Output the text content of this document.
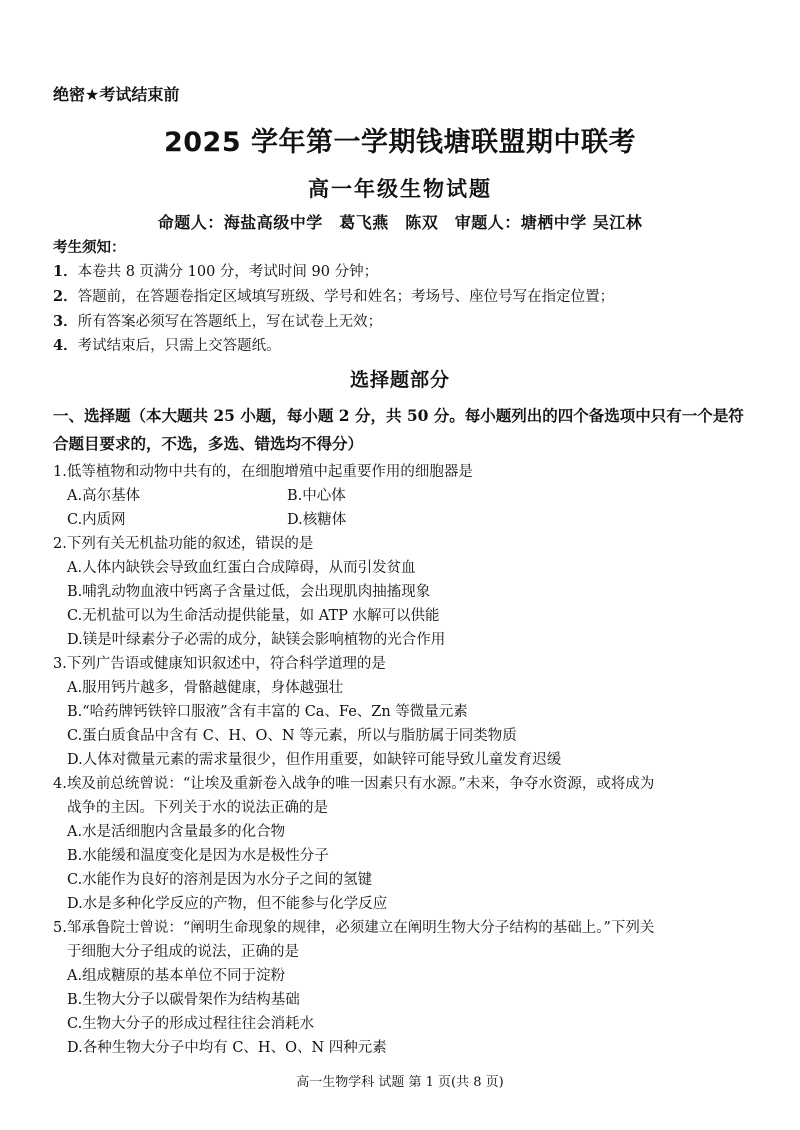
绝密★考试结束前
2025 学年第一学期钱塘联盟期中联考
高一年级生物试题
命题人：海盐高级中学　葛飞燕　陈双　审题人：塘栖中学 吴江林
考生须知：
1．本卷共 8 页满分 100 分，考试时间 90 分钟；
2．答题前，在答题卷指定区域填写班级、学号和姓名；考场号、座位号写在指定位置；
3．所有答案必须写在答题纸上，写在试卷上无效；
4．考试结束后，只需上交答题纸。
选择题部分
一、选择题（本大题共 25 小题，每小题 2 分，共 50 分。每小题列出的四个备选项中只有一个是符
合题目要求的，不选，多选、错选均不得分）
1.低等植物和动物中共有的，在细胞增殖中起重要作用的细胞器是
A.高尔基体	B.中心体
C.内质网	D.核糖体
2.下列有关无机盐功能的叙述，错误的是
A.人体内缺铁会导致血红蛋白合成障碍，从而引发贫血
B.哺乳动物血液中钙离子含量过低，会出现肌肉抽搐现象
C.无机盐可以为生命活动提供能量，如 ATP 水解可以供能
D.镁是叶绿素分子必需的成分，缺镁会影响植物的光合作用
3.下列广告语或健康知识叙述中，符合科学道理的是
A.服用钙片越多，骨骼越健康，身体越强壮
B.“哈药牌钙铁锌口服液”含有丰富的 Ca、Fe、Zn 等微量元素
C.蛋白质食品中含有 C、H、O、N 等元素，所以与脂肪属于同类物质
D.人体对微量元素的需求量很少，但作用重要，如缺锌可能导致儿童发育迟缓
4.埃及前总统曾说：“让埃及重新卷入战争的唯一因素只有水源。”未来，争夺水资源，或将成为
战争的主因。下列关于水的说法正确的是
A.水是活细胞内含量最多的化合物
B.水能缓和温度变化是因为水是极性分子
C.水能作为良好的溶剂是因为水分子之间的氢键
D.水是多种化学反应的产物，但不能参与化学反应
5.邹承鲁院士曾说：“阐明生命现象的规律，必须建立在阐明生物大分子结构的基础上。”下列关
于细胞大分子组成的说法，正确的是
A.组成糖原的基本单位不同于淀粉
B.生物大分子以碳骨架作为结构基础
C.生物大分子的形成过程往往会消耗水
D.各种生物大分子中均有 C、H、O、N 四种元素
高一生物学科 试题 第 1 页(共 8 页)
